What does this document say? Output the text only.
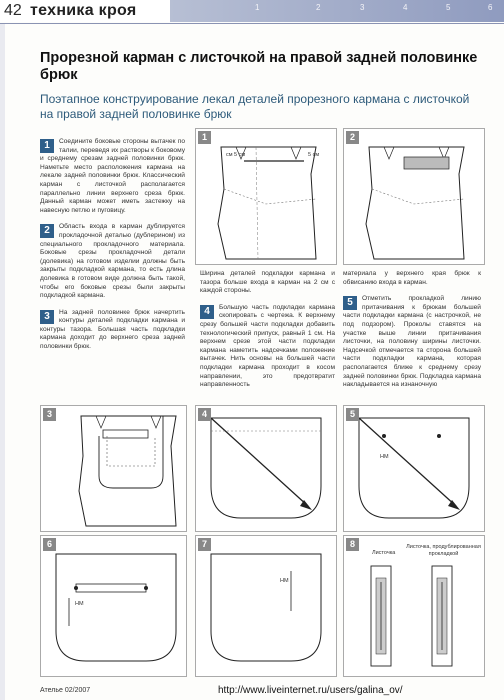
42 техника кроя	1	2	3	4	5	6
Прорезной карман с листочкой на правой задней половинке брюк

Поэтапное конструирование лекал деталей прорезного кармана с листочкой на правой задней половинке брюк

1	Соедините боковые стороны вытачек по талии, переведя их растворы к боковому и среднему срезам задней половинки брюк. Наметьте место расположения кармана на лекале задней половинки брюк. Классический карман с листочкой располагается параллельно линии верхнего среза брюк. Данный карман может иметь застежку на навесную петлю и пуговицу.
2	Область входа в карман дублируется прокладочной деталью (дублерином) из специального прокладочного материала. Боковые срезы прокладочной детали (долевика) на готовом изделии должны быть закрыты подкладкой кармана, то есть длина долевика в готовом виде должна быть такой, чтобы его боковые срезы были закрыты подкладкой кармана.
3	На задней половинке брюк начертить контуры деталей подкладки кармана и контуры тазора. Большая часть подкладки кармана доходит до верхнего среза задней половинки брюк.
Ширина деталей подкладки кармана и тазора больше входа в карман на 2 см с каждой стороны.
4	Большую часть подкладки кармана скопировать с чертежа. К верхнему срезу большей части подкладки добавить технологический припуск, равный 1 см. На верхнем срезе этой части подкладки кармана наметить надсечками положение вытачек. Нить основы на большей части подкладки кармана проходит в косом направлении, это предотвратит направленность
материала у верхнего края брюк к обвисанию входа в карман.
5	Отметить прокладкой линию притачивания к брюкам большей части подкладки кармана (с настрочкой, не под подзором). Проколы ставятся на участке выше линии притачивания листочки, на половину ширины листочки. Надсечкой отмечается та сторона большей части подкладки кармана, которая располагается ближе к среднему срезу задней половинки брюк. Подкладка кармана накладывается на изнаночную
1
см 5 см	5 см
2
3	4	5
НМ
6
НМ
7
НМ
8
Листочка
Листочка, продублированная прокладкой
Ателье 02/2007	http://www.liveinternet.ru/users/galina_ov/
